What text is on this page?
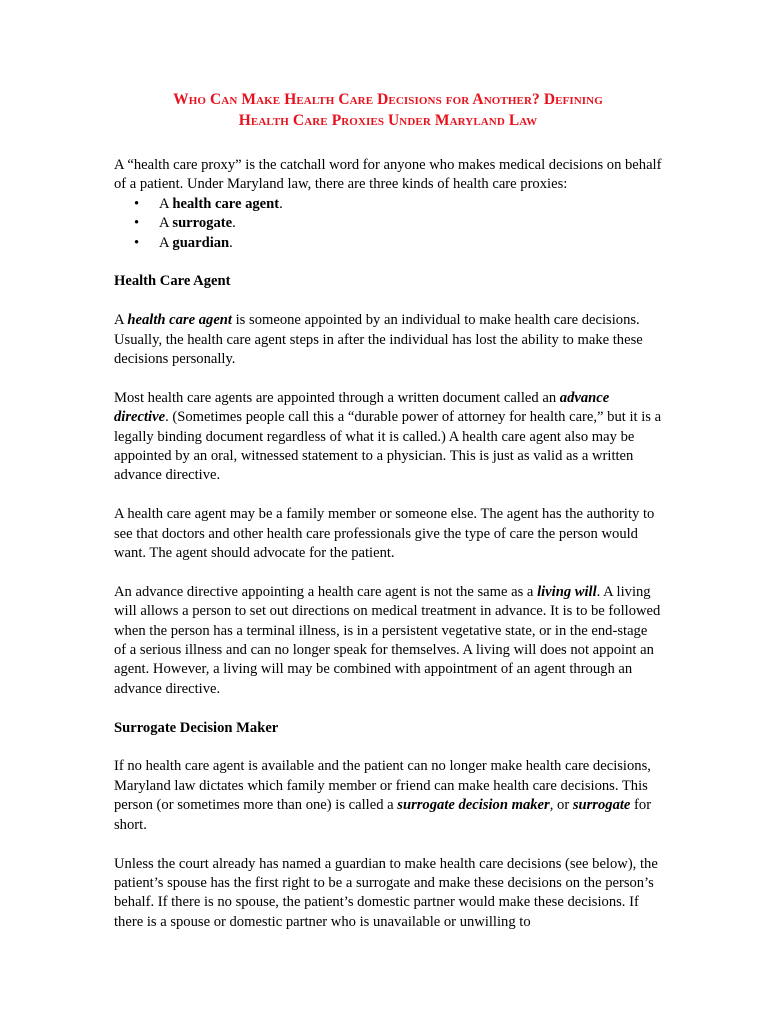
Who Can Make Health Care Decisions for Another? Defining
Health Care Proxies Under Maryland Law

A “health care proxy” is the catchall word for anyone who makes medical decisions on behalf of a patient. Under Maryland law, there are three kinds of health care proxies:

• A health care agent.
• A surrogate.
• A guardian.

Health Care Agent

A health care agent is someone appointed by an individual to make health care decisions. Usually, the health care agent steps in after the individual has lost the ability to make these decisions personally.

Most health care agents are appointed through a written document called an advance directive. (Sometimes people call this a “durable power of attorney for health care,” but it is a legally binding document regardless of what it is called.) A health care agent also may be appointed by an oral, witnessed statement to a physician. This is just as valid as a written advance directive.

A health care agent may be a family member or someone else. The agent has the authority to see that doctors and other health care professionals give the type of care the person would want. The agent should advocate for the patient.

An advance directive appointing a health care agent is not the same as a living will. A living will allows a person to set out directions on medical treatment in advance. It is to be followed when the person has a terminal illness, is in a persistent vegetative state, or in the end-stage of a serious illness and can no longer speak for themselves. A living will does not appoint an agent. However, a living will may be combined with appointment of an agent through an advance directive.

Surrogate Decision Maker

If no health care agent is available and the patient can no longer make health care decisions, Maryland law dictates which family member or friend can make health care decisions. This person (or sometimes more than one) is called a surrogate decision maker, or surrogate for short.

Unless the court already has named a guardian to make health care decisions (see below), the patient’s spouse has the first right to be a surrogate and make these decisions on the person’s behalf. If there is no spouse, the patient’s domestic partner would make these decisions. If there is a spouse or domestic partner who is unavailable or unwilling to
